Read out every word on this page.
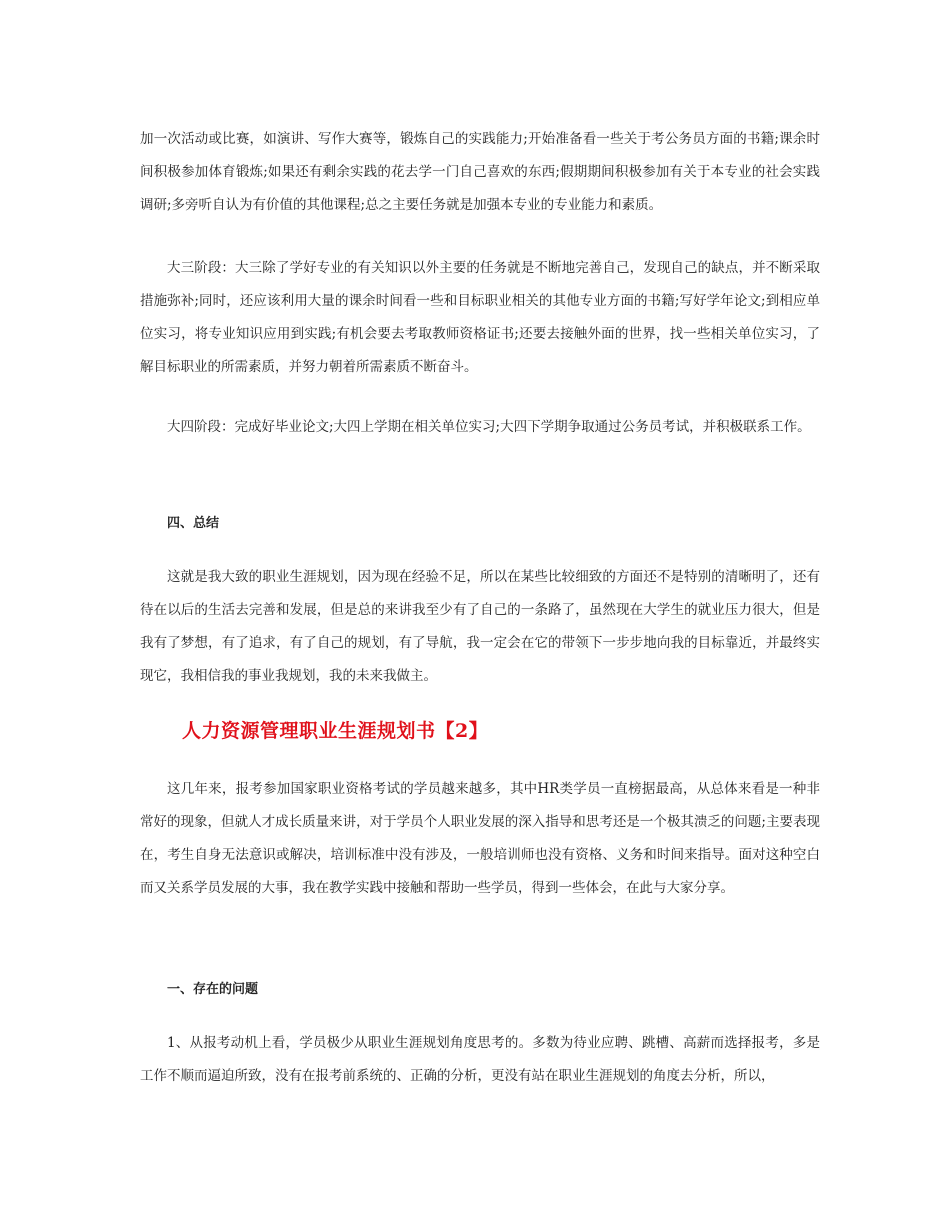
加一次活动或比赛，如演讲、写作大赛等，锻炼自己的实践能力;开始准备看一些关于考公务员方面的书籍;课余时间积极参加体育锻炼;如果还有剩余实践的花去学一门自己喜欢的东西;假期期间积极参加有关于本专业的社会实践调研;多旁听自认为有价值的其他课程;总之主要任务就是加强本专业的专业能力和素质。

大三阶段：大三除了学好专业的有关知识以外主要的任务就是不断地完善自己，发现自己的缺点，并不断采取措施弥补;同时，还应该利用大量的课余时间看一些和目标职业相关的其他专业方面的书籍;写好学年论文;到相应单位实习，将专业知识应用到实践;有机会要去考取教师资格证书;还要去接触外面的世界，找一些相关单位实习，了解目标职业的所需素质，并努力朝着所需素质不断奋斗。

大四阶段：完成好毕业论文;大四上学期在相关单位实习;大四下学期争取通过公务员考试，并积极联系工作。

四、总结

这就是我大致的职业生涯规划，因为现在经验不足，所以在某些比较细致的方面还不是特别的清晰明了，还有待在以后的生活去完善和发展，但是总的来讲我至少有了自己的一条路了，虽然现在大学生的就业压力很大，但是我有了梦想，有了追求，有了自己的规划，有了导航，我一定会在它的带领下一步步地向我的目标靠近，并最终实现它，我相信我的事业我规划，我的未来我做主。

人力资源管理职业生涯规划书【2】

这几年来，报考参加国家职业资格考试的学员越来越多，其中HR类学员一直榜据最高，从总体来看是一种非常好的现象，但就人才成长质量来讲，对于学员个人职业发展的深入指导和思考还是一个极其溃乏的问题;主要表现在，考生自身无法意识或解决，培训标准中没有涉及，一般培训师也没有资格、义务和时间来指导。面对这种空白而又关系学员发展的大事，我在教学实践中接触和帮助一些学员，得到一些体会，在此与大家分享。

一、存在的问题

1、从报考动机上看，学员极少从职业生涯规划角度思考的。多数为待业应聘、跳槽、高薪而选择报考，多是工作不顺而逼迫所致，没有在报考前系统的、正确的分析，更没有站在职业生涯规划的角度去分析，所以，
